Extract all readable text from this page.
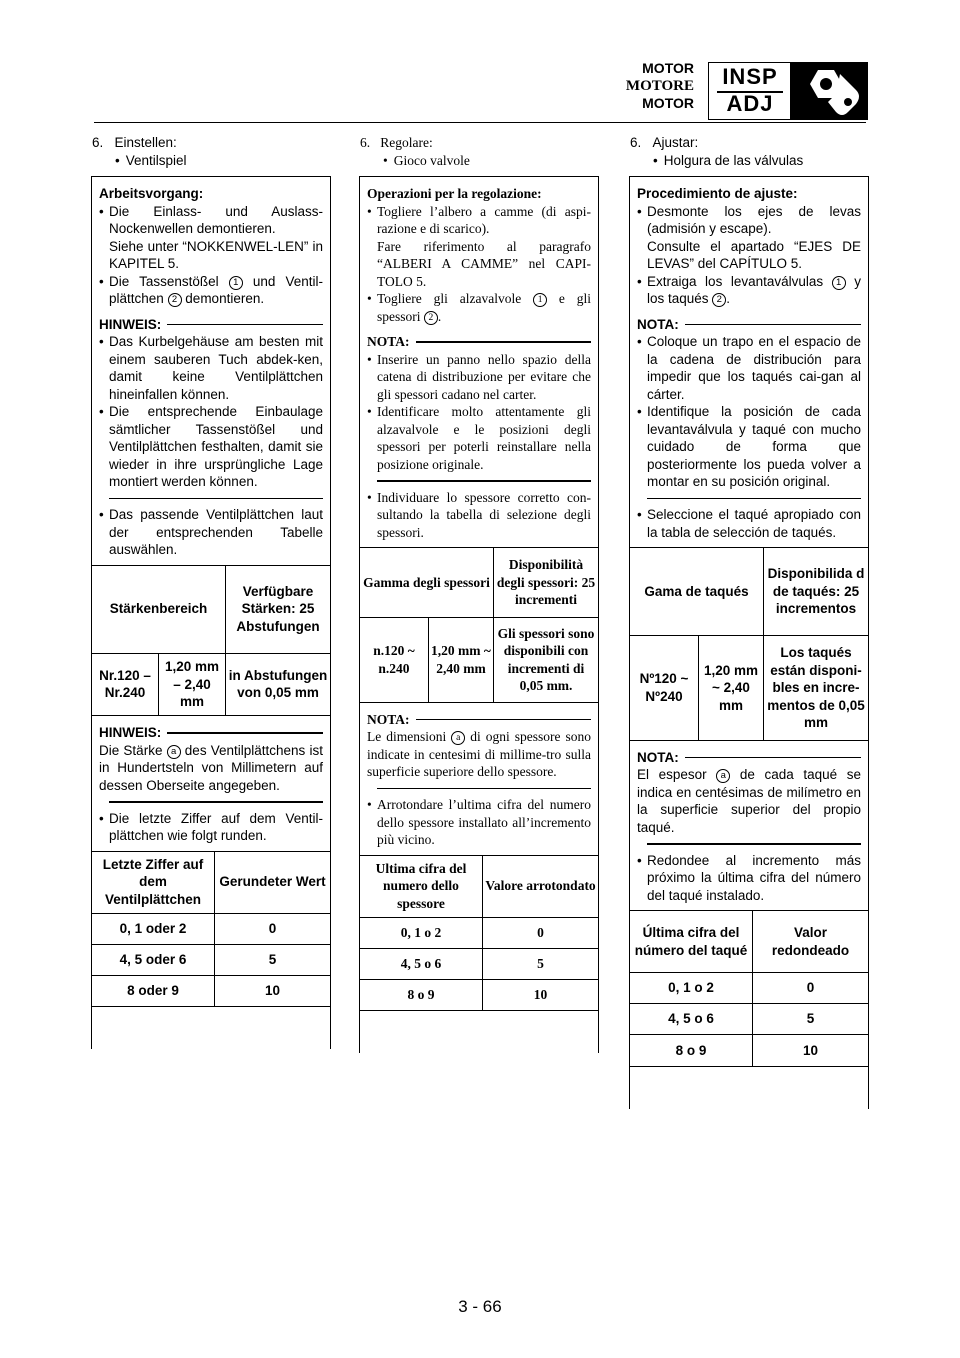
MOTOR
MOTORE
MOTOR
INSP
ADJ
6.   Einstellen:
• Ventilspiel
Arbeitsvorgang:
• Die Einlass- und Auslass-Nockenwellen demontieren.
Siehe unter “NOKKENWEL-LEN” in KAPITEL 5.
• Die Tassenstößel 1 und Ventil-plättchen 2 demontieren.
HINWEIS:
• Das Kurbelgehäuse am besten mit einem sauberen Tuch abdek-ken, damit keine Ventilplättchen hineinfallen können.
• Die entsprechende Einbaulage sämtlicher Tassenstößel und Ventilplättchen festhalten, damit sie wieder in ihre ursprüngliche Lage montiert werden können.
• Das passende Ventilplättchen laut der entsprechenden Tabelle auswählen.
Stärkenbereich		Verfügbare Stärken: 25 Abstufungen
Nr.120 – Nr.240	1,20 mm – 2,40 mm	in Abstufungen von 0,05 mm
HINWEIS:
Die Stärke a des Ventilplättchens ist in Hundertsteln von Millimetern auf dessen Oberseite angegeben.
• Die letzte Ziffer auf dem Ventil-plättchen wie folgt runden.
Letzte Ziffer auf dem Ventilplättchen	Gerundeter Wert
0, 1 oder 2	0
4, 5 oder 6	5
8 oder 9	10
6.   Regolare:
• Gioco valvole
Operazioni per la regolazione:
• Togliere l’albero a camme (di aspi-razione e di scarico).
Fare riferimento al paragrafo “ALBERI A CAMME” nel CAPI-TOLO 5.
• Togliere gli alzavalvole 1 e gli spessori 2 .
NOTA:
• Inserire un panno nello spazio della catena di distribuzione per evitare che gli spessori cadano nel carter.
• Identificare molto attentamente gli alzavalvole e le posizioni degli spessori per poterli reinstallare nella posizione originale.
• Individuare lo spessore corretto con-sultando la tabella di selezione degli spessori.
Gamma degli spessori		Disponibilità degli spessori: 25 incrementi
n.120 ~ n.240	1,20 mm ~ 2,40 mm	Gli spessori sono disponibili con incrementi di 0,05 mm.
NOTA:
Le dimensioni a di ogni spessore sono indicate in centesimi di millime-tro sulla superficie superiore dello spessore.
• Arrotondare l’ultima cifra del numero dello spessore installato all’incremento più vicino.
Ultima cifra del numero dello spessore	Valore arrotondato
0, 1 o 2	0
4, 5 o 6	5
8 o 9	10
6.   Ajustar:
• Holgura de las válvulas
Procedimiento de ajuste:
• Desmonte los ejes de levas (admisión y escape).
Consulte el apartado “EJES DE LEVAS” del CAPÍTULO 5.
• Extraiga los levantaválvulas 1 y los taqués 2 .
NOTA:
• Coloque un trapo en el espacio de la cadena de distribución para impedir que los taqués cai-gan al cárter.
• Identifique la posición de cada levantaválvula y taqué con mucho cuidado de forma que posteriormente los pueda volver a montar en su posición original.
• Seleccione el taqué apropiado con la tabla de selección de taqués.
Gama de taqués		Disponibilida d de taqués: 25 incrementos
Nº120 ~ Nº240	1,20 mm ~ 2,40 mm	Los taqués están disponi-bles en incre-mentos de 0,05 mm
NOTA:
El espesor a de cada taqué se indica en centésimas de milímetro en la superficie superior del propio taqué.
• Redondee al incremento más próximo la última cifra del número del taqué instalado.
Última cifra del número del taqué	Valor redondeado
0, 1 o 2	0
4, 5 o 6	5
8 o 9	10
3 - 66
